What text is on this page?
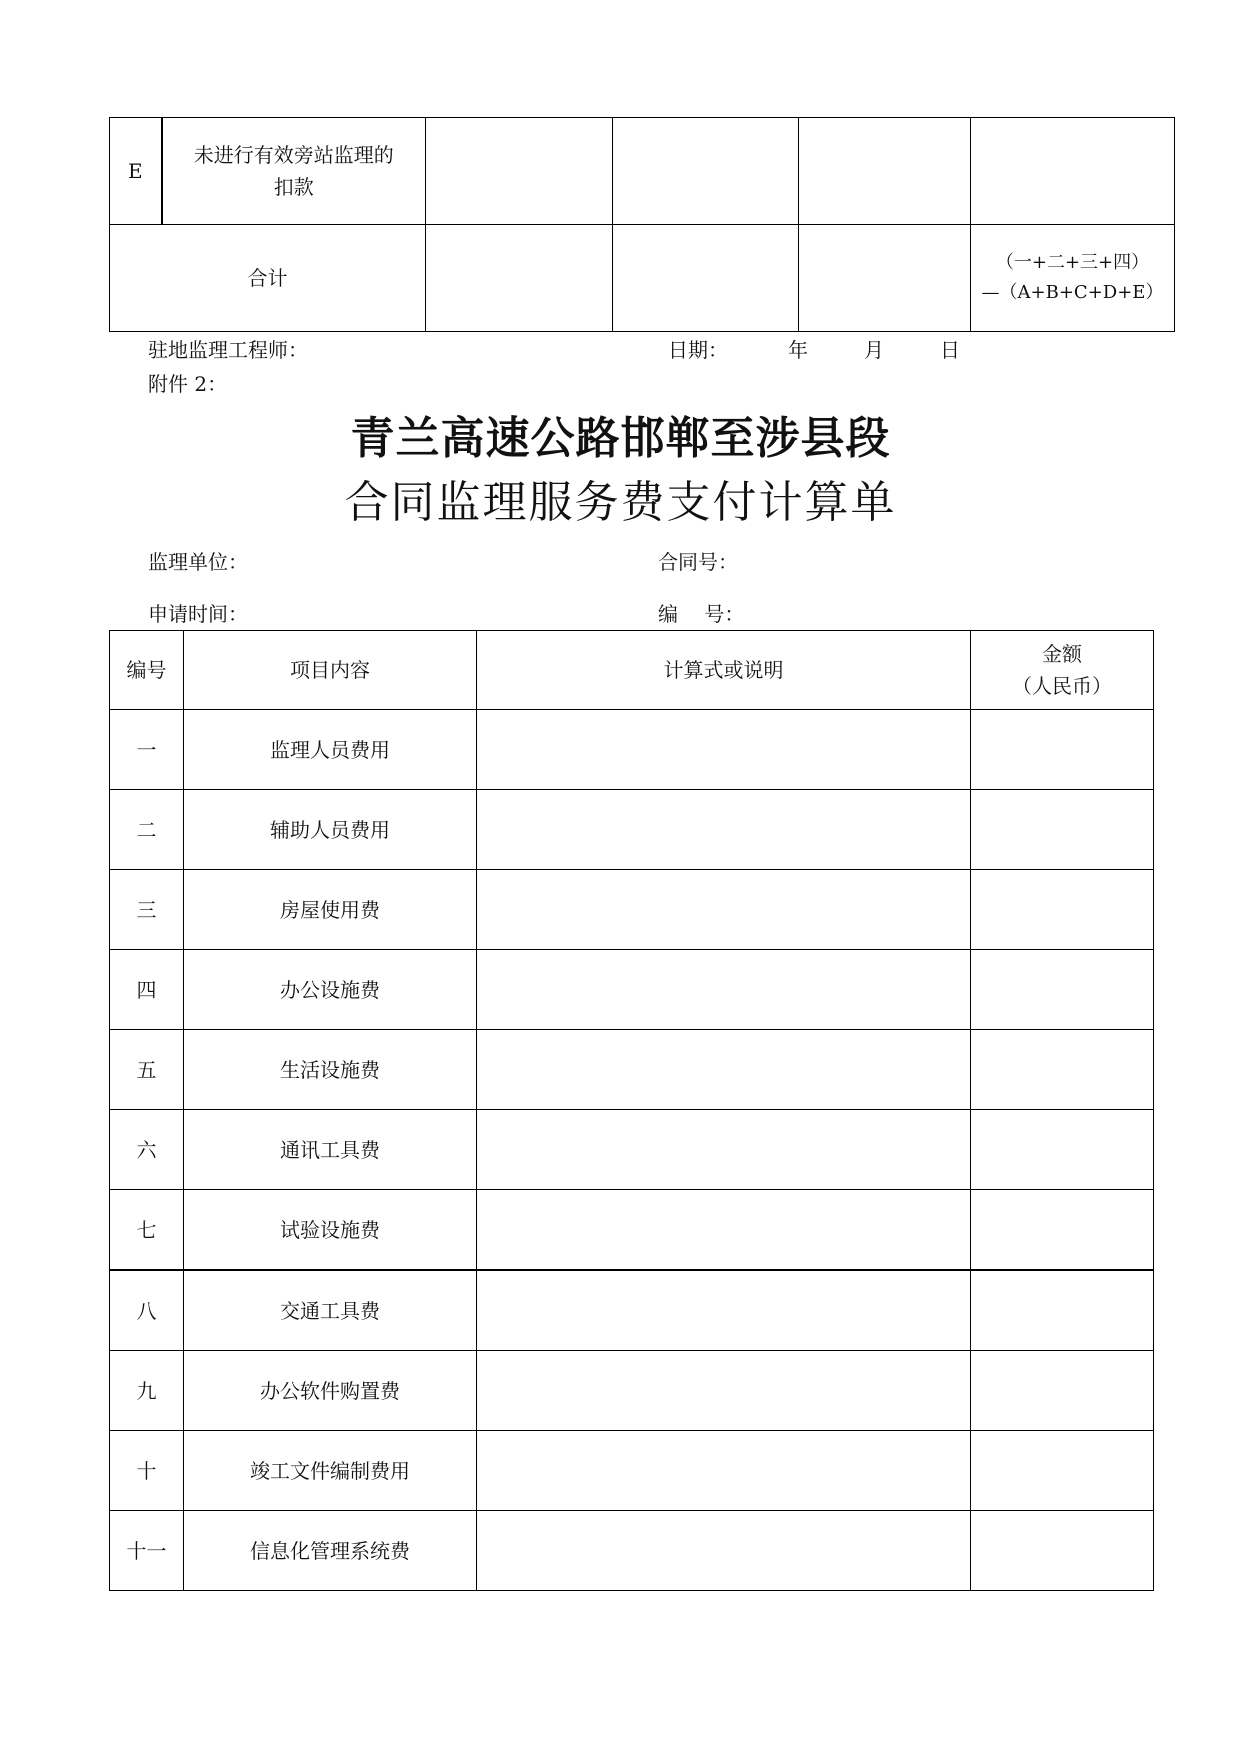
E	未进行有效旁站监理的扣款				

合计					（一+二+三+四）
—（A+B+C+D+E）
驻地监理工程师：	日期：	年	月	日
附件 2：
青兰高速公路邯郸至涉县段
合同监理服务费支付计算单
监理单位：	合同号：
申请时间：	编　 号：
编号	项目内容	计算式或说明	金额
（人民币）

一	监理人员费用		
二	辅助人员费用		
三	房屋使用费		
四	办公设施费		
五	生活设施费		
六	通讯工具费		
七	试验设施费		
八	交通工具费		
九	办公软件购置费		
十	竣工文件编制费用		
十一	信息化管理系统费		
